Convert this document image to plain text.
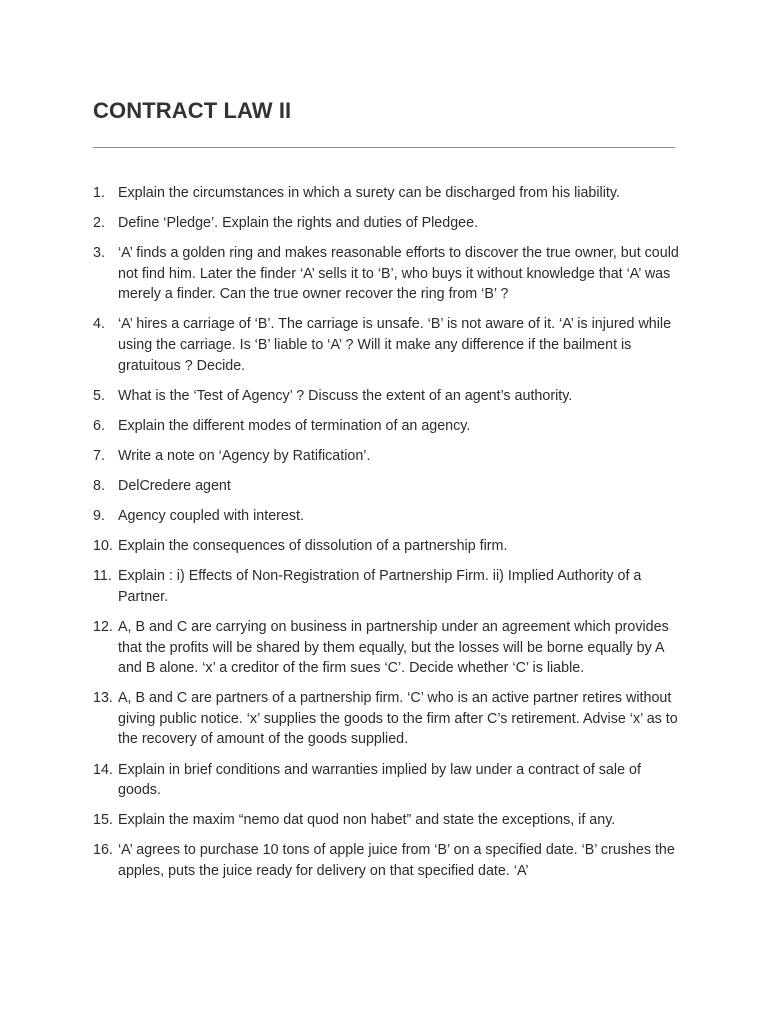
CONTRACT LAW II
1. Explain the circumstances in which a surety can be discharged from his liability.
2. Define ‘Pledge’. Explain the rights and duties of Pledgee.
3. ‘A’ finds a golden ring and makes reasonable efforts to discover the true owner, but could not find him. Later the finder ‘A’ sells it to ‘B’, who buys it without knowledge that ‘A’ was merely a finder. Can the true owner recover the ring from ‘B’ ?
4. ‘A’ hires a carriage of ‘B’. The carriage is unsafe. ‘B’ is not aware of it. ‘A’ is injured while using the carriage. Is ‘B’ liable to ‘A’ ? Will it make any difference if the bailment is gratuitous ? Decide.
5. What is the ‘Test of Agency’ ? Discuss the extent of an agent’s authority.
6. Explain the different modes of termination of an agency.
7. Write a note on ‘Agency by Ratification’.
8. DelCredere agent
9. Agency coupled with interest.
10. Explain the consequences of dissolution of a partnership firm.
11. Explain : i) Effects of Non-Registration of Partnership Firm. ii) Implied Authority of a Partner.
12. A, B and C are carrying on business in partnership under an agreement which provides that the profits will be shared by them equally, but the losses will be borne equally by A and B alone. ‘x’ a creditor of the firm sues ‘C’. Decide whether ‘C’ is liable.
13. A, B and C are partners of a partnership firm. ‘C’ who is an active partner retires without giving public notice. ‘x’ supplies the goods to the firm after C’s retirement. Advise ‘x’ as to the recovery of amount of the goods supplied.
14. Explain in brief conditions and warranties implied by law under a contract of sale of goods.
15. Explain the maxim “nemo dat quod non habet” and state the exceptions, if any.
16. ‘A’ agrees to purchase 10 tons of apple juice from ‘B’ on a specified date. ‘B’ crushes the apples, puts the juice ready for delivery on that specified date. ‘A’
